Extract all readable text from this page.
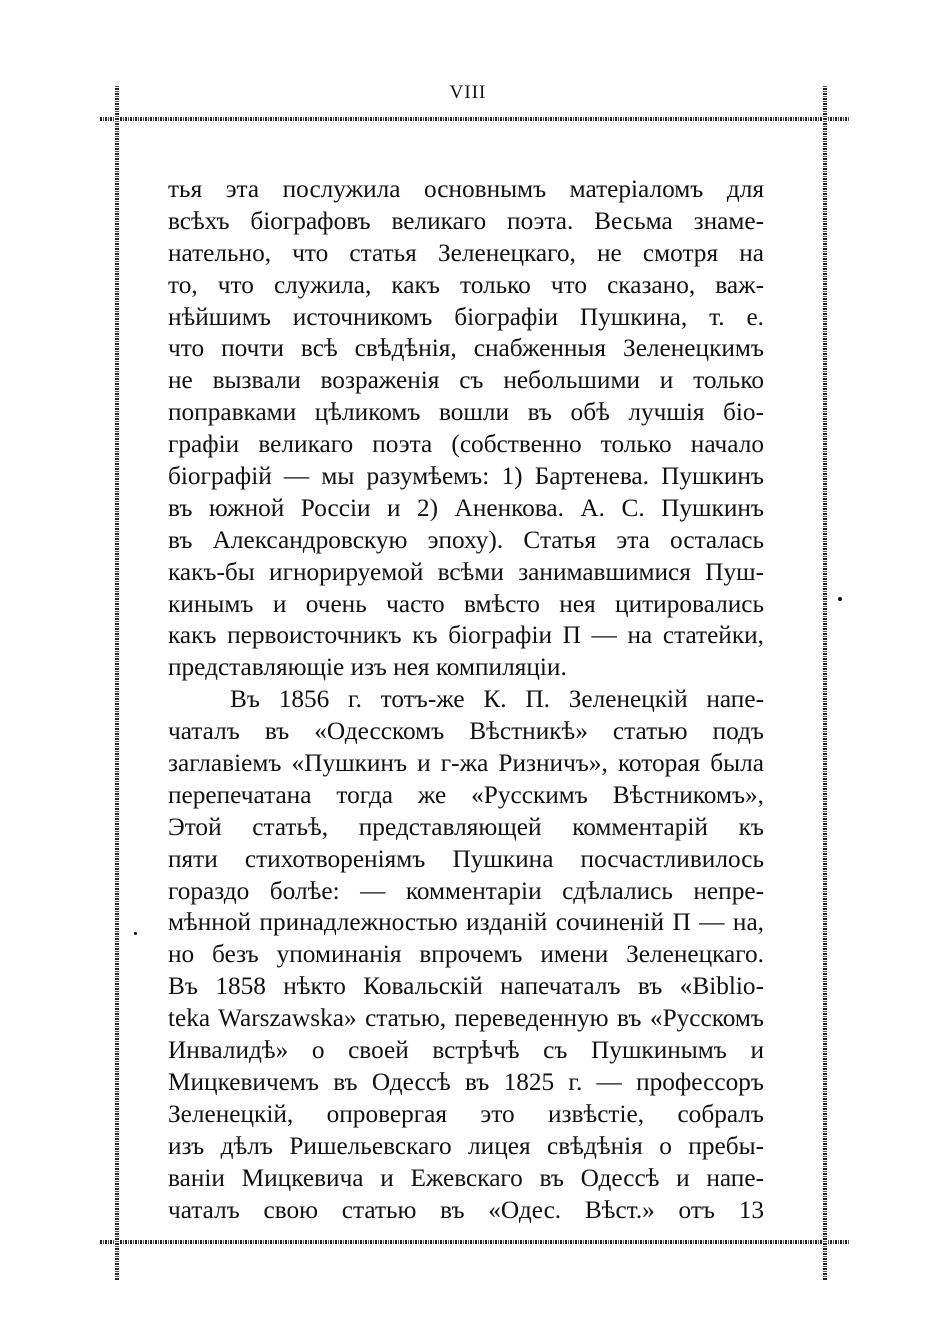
VIII
тья эта послужила основнымъ матеріаломъ для
всѣхъ біографовъ великаго поэта. Весьма знаме-
нательно, что статья Зеленецкаго, не смотря на
то, что служила, какъ только что сказано, важ-
нѣйшимъ источникомъ біографіи Пушкина, т. е.
что почти всѣ свѣдѣнія, снабженныя Зеленецкимъ
не вызвали возраженія съ небольшими и только
поправками цѣликомъ вошли въ обѣ лучшія біо-
графіи великаго поэта (собственно только начало
біографій — мы разумѣемъ: 1) Бартенева. Пушкинъ
въ южной Россіи и 2) Аненкова. А. С. Пушкинъ
въ Александровскую эпоху). Статья эта осталась
какъ-бы игнорируемой всѣми занимавшимися Пуш-
кинымъ и очень часто вмѣсто нея цитировались
какъ первоисточникъ къ біографіи П — на статейки,
представляющіе изъ нея компиляціи.
Въ 1856 г. тотъ-же К. П. Зеленецкій напе-
чаталъ въ «Одесскомъ Вѣстникѣ» статью подъ
заглавіемъ «Пушкинъ и г-жа Ризничъ», которая была
перепечатана тогда же «Русскимъ Вѣстникомъ»,
Этой статьѣ, представляющей комментарій къ
пяти стихотвореніямъ Пушкина посчастливилось
гораздо болѣе: — комментаріи сдѣлались непре-
мѣнной принадлежностью изданій сочиненій П — на,
но безъ упоминанія впрочемъ имени Зеленецкаго.
Въ 1858 нѣкто Ковальскій напечаталъ въ «Biblio-
teka Warszawska» статью, переведенную въ «Русскомъ
Инвалидѣ» о своей встрѣчѣ съ Пушкинымъ и
Мицкевичемъ въ Одессѣ въ 1825 г. — профессоръ
Зеленецкій, опровергая это извѣстіе, собралъ
изъ дѣлъ Ришельевскаго лицея свѣдѣнія о пребы-
ваніи Мицкевича и Ежевскаго въ Одессѣ и напе-
чаталъ свою статью въ «Одес. Вѣст.» отъ 13
